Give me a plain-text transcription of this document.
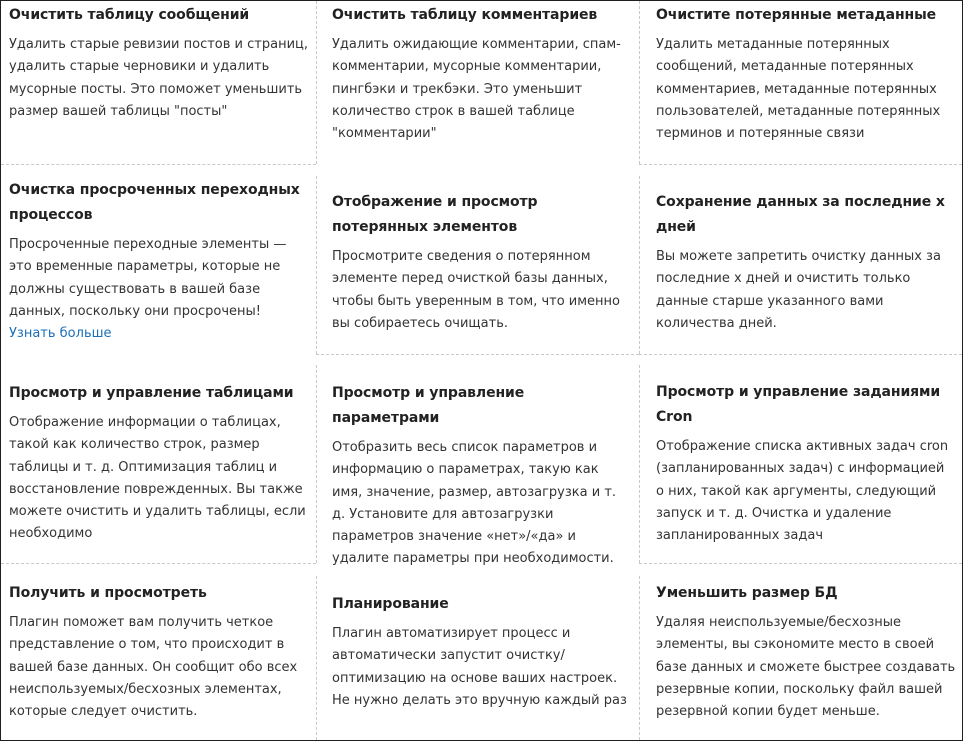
Очистить таблицу сообщений

Удалить старые ревизии постов и страниц, удалить старые черновики и удалить мусорные посты. Это поможет уменьшить размер вашей таблицы "посты"

Очистить таблицу комментариев

Удалить ожидающие комментарии, спам-комментарии, мусорные комментарии, пингбэки и трекбэки. Это уменьшит количество строк в вашей таблице "комментарии"

Очистите потерянные метаданные

Удалить метаданные потерянных сообщений, метаданные потерянных комментариев, метаданные потерянных пользователей, метаданные потерянных терминов и потерянные связи

Очистка просроченных переходных процессов

Просроченные переходные элементы — это временные параметры, которые не должны существовать в вашей базе данных, поскольку они просрочены!

Узнать больше
Отображение и просмотр потерянных элементов

Просмотрите сведения о потерянном элементе перед очисткой базы данных, чтобы быть уверенным в том, что именно вы собираетесь очищать.

Сохранение данных за последние x дней

Вы можете запретить очистку данных за последние x дней и очистить только данные старше указанного вами количества дней.

Просмотр и управление таблицами

Отображение информации о таблицах, такой как количество строк, размер таблицы и т. д. Оптимизация таблиц и восстановление поврежденных. Вы также можете очистить и удалить таблицы, если необходимо

Просмотр и управление параметрами

Отобразить весь список параметров и информацию о параметрах, такую как имя, значение, размер, автозагрузка и т. д. Установите для автозагрузки параметров значение «нет»/«да» и удалите параметры при необходимости.

Просмотр и управление заданиями Cron

Отображение списка активных задач cron (запланированных задач) с информацией о них, такой как аргументы, следующий запуск и т. д. Очистка и удаление запланированных задач

Получить и просмотреть

Плагин поможет вам получить четкое представление о том, что происходит в вашей базе данных. Он сообщит обо всех неиспользуемых/бесхозных элементах, которые следует очистить.

Планирование

Плагин автоматизирует процесс и автоматически запустит очистку/оптимизацию на основе ваших настроек. Не нужно делать это вручную каждый раз

Уменьшить размер БД

Удаляя неиспользуемые/бесхозные элементы, вы сэкономите место в своей базе данных и сможете быстрее создавать резервные копии, поскольку файл вашей резервной копии будет меньше.
